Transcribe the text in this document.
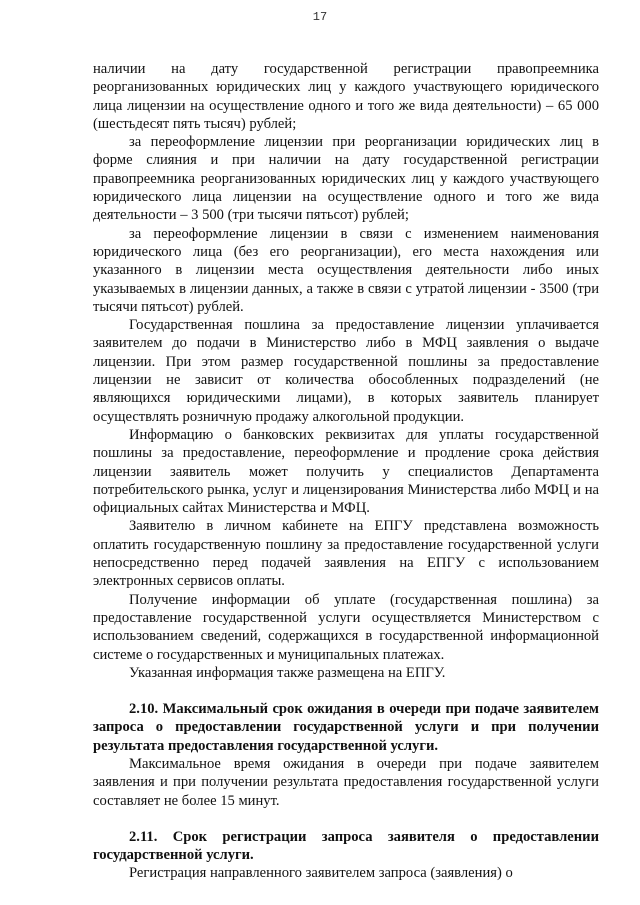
17

наличии на дату государственной регистрации правопреемника реорганизованных юридических лиц у каждого участвующего юридического лица лицензии на осуществление одного и того же вида деятельности) – 65 000 (шестьдесят пять тысяч) рублей;

за переоформление лицензии при реорганизации юридических лиц в форме слияния и при наличии на дату государственной регистрации правопреемника реорганизованных юридических лиц у каждого участвующего юридического лица лицензии на осуществление одного и того же вида деятельности – 3 500 (три тысячи пятьсот) рублей;

за переоформление лицензии в связи с изменением наименования юридического лица (без его реорганизации), его места нахождения или указанного в лицензии места осуществления деятельности либо иных указываемых в лицензии данных, а также в связи с утратой лицензии - 3500 (три тысячи пятьсот) рублей.

Государственная пошлина за предоставление лицензии уплачивается заявителем до подачи в Министерство либо в МФЦ заявления о выдаче лицензии. При этом размер государственной пошлины за предоставление лицензии не зависит от количества обособленных подразделений (не являющихся юридическими лицами), в которых заявитель планирует осуществлять розничную продажу алкогольной продукции.

Информацию о банковских реквизитах для уплаты государственной пошлины за предоставление, переоформление и продление срока действия лицензии заявитель может получить у специалистов Департамента потребительского рынка, услуг и лицензирования Министерства либо МФЦ и на официальных сайтах Министерства и МФЦ.

Заявителю в личном кабинете на ЕПГУ представлена возможность оплатить государственную пошлину за предоставление государственной услуги непосредственно перед подачей заявления на ЕПГУ с использованием электронных сервисов оплаты.

Получение информации об уплате (государственная пошлина) за предоставление государственной услуги осуществляется Министерством с использованием сведений, содержащихся в государственной информационной системе о государственных и муниципальных платежах.

Указанная информация также размещена на ЕПГУ.

2.10. Максимальный срок ожидания в очереди при подаче заявителем запроса о предоставлении государственной услуги и при получении результата предоставления государственной услуги.

Максимальное время ожидания в очереди при подаче заявителем заявления и при получении результата предоставления государственной услуги составляет не более 15 минут.

2.11. Срок регистрации запроса заявителя о предоставлении государственной услуги.

Регистрация направленного заявителем запроса (заявления) о
